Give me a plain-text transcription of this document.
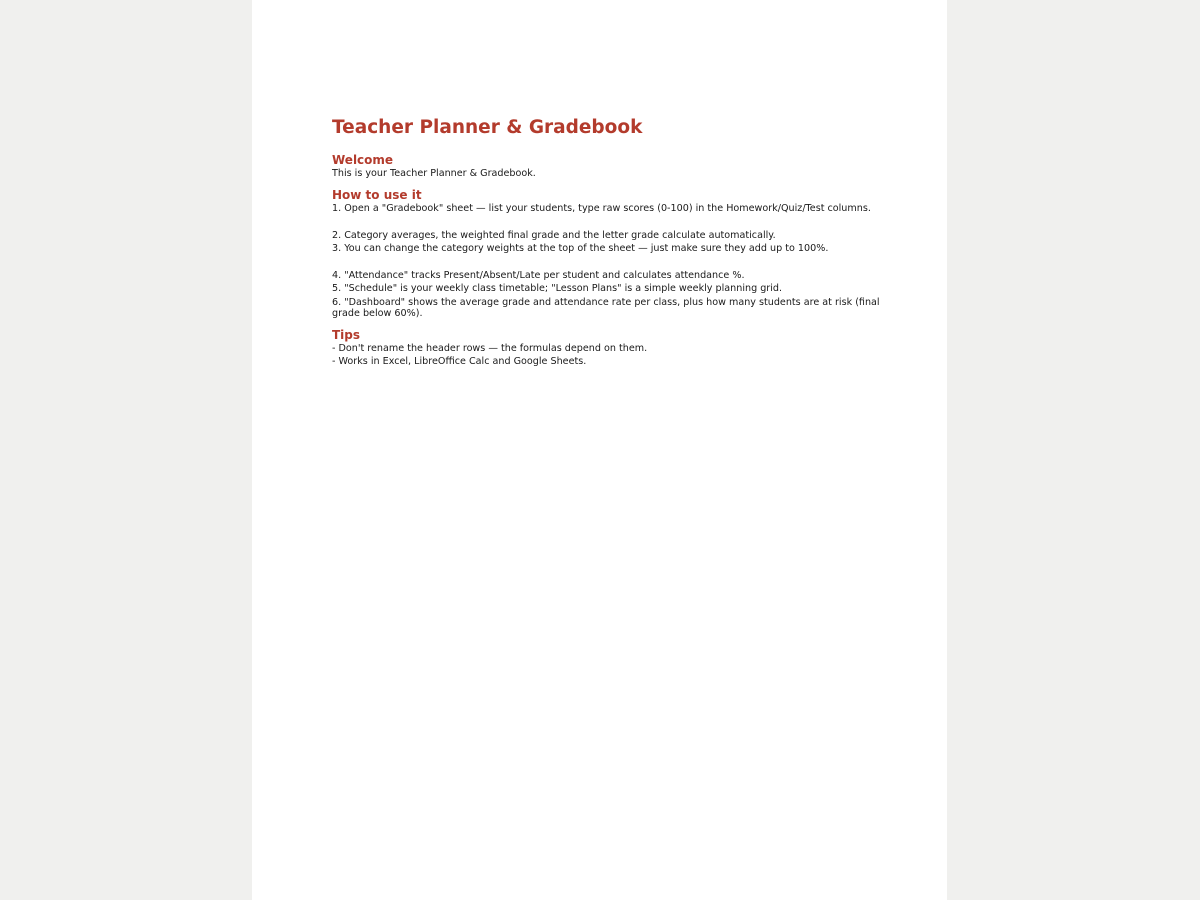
Teacher Planner & Gradebook
Welcome

This is your Teacher Planner & Gradebook.

How to use it

1. Open a "Gradebook" sheet — list your students, type raw scores (0-100) in the Homework/Quiz/Test columns.

2. Category averages, the weighted final grade and the letter grade calculate automatically.

3. You can change the category weights at the top of the sheet — just make sure they add up to 100%.

4. "Attendance" tracks Present/Absent/Late per student and calculates attendance %.

5. "Schedule" is your weekly class timetable; "Lesson Plans" is a simple weekly planning grid.

6. "Dashboard" shows the average grade and attendance rate per class, plus how many students are at risk (final grade below 60%).

Tips

- Don't rename the header rows — the formulas depend on them.

- Works in Excel, LibreOffice Calc and Google Sheets.
